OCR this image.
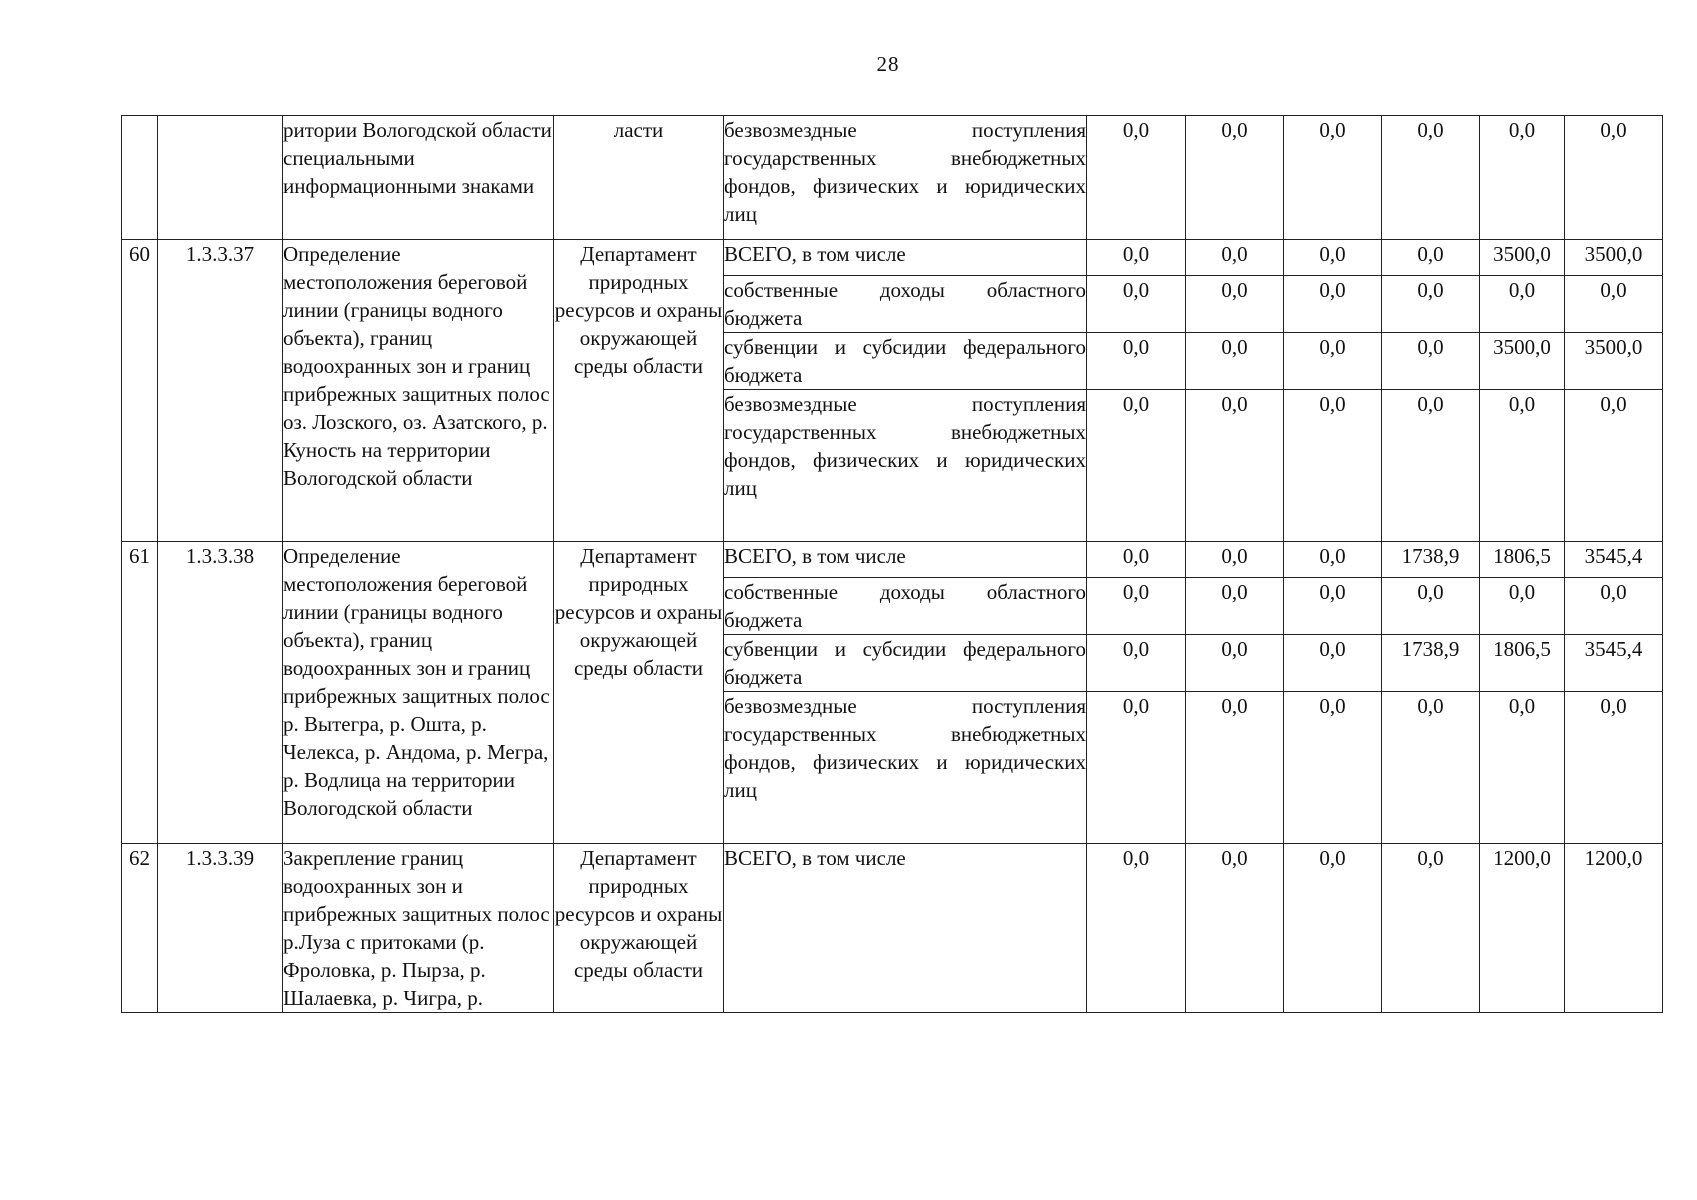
28
		ритории Вологодской области специальными информационными знаками	ласти	безвозмездные поступления государственных внебюджетных фондов, физических и юридических лиц	0,0	0,0	0,0	0,0	0,0	0,0
60	1.3.3.37	Определение местоположения береговой линии (границы водного объекта), границ водоохранных зон и границ прибрежных защитных полос оз. Лозского, оз. Азатского, р. Куность на территории Вологодской области	Департамент природных ресурсов и охраны окружающей среды области	ВСЕГО, в том числе	0,0	0,0	0,0	0,0	3500,0	3500,0
				собственные доходы областного бюджета	0,0	0,0	0,0	0,0	0,0	0,0
				субвенции и субсидии федерального бюджета	0,0	0,0	0,0	0,0	3500,0	3500,0
				безвозмездные поступления государственных внебюджетных фондов, физических и юридических лиц	0,0	0,0	0,0	0,0	0,0	0,0
61	1.3.3.38	Определение местоположения береговой линии (границы водного объекта), границ водоохранных зон и границ прибрежных защитных полос р. Вытегра, р. Ошта, р. Челекса, р. Андома, р. Мегра, р. Водлица на территории Вологодской области	Департамент природных ресурсов и охраны окружающей среды области	ВСЕГО, в том числе	0,0	0,0	0,0	1738,9	1806,5	3545,4
				собственные доходы областного бюджета	0,0	0,0	0,0	0,0	0,0	0,0
				субвенции и субсидии федерального бюджета	0,0	0,0	0,0	1738,9	1806,5	3545,4
				безвозмездные поступления государственных внебюджетных фондов, физических и юридических лиц	0,0	0,0	0,0	0,0	0,0	0,0
62	1.3.3.39	Закрепление границ водоохранных зон и прибрежных защитных полос р.Луза с притоками (р. Фроловка, р. Пырза, р. Шалаевка, р. Чигра, р.	Департамент природных ресурсов и охраны окружающей среды области	ВСЕГО, в том числе	0,0	0,0	0,0	0,0	1200,0	1200,0
